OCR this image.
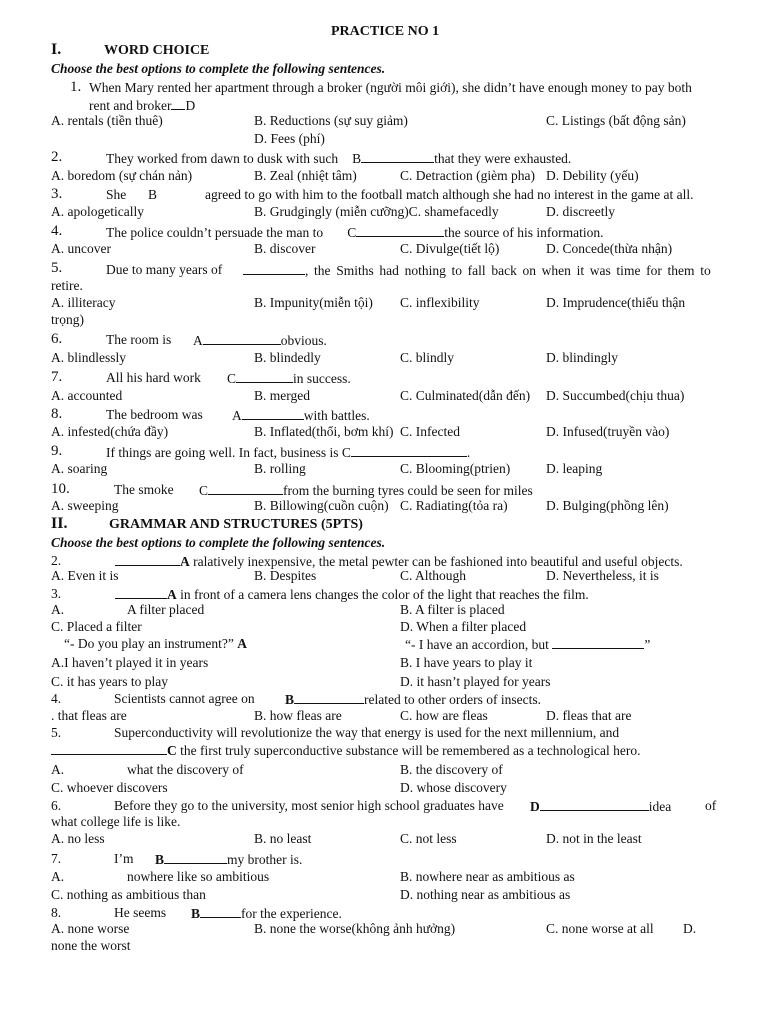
PRACTICE NO 1
I.	WORD CHOICE
Choose the best options to complete the following sentences.
1. When Mary rented her apartment through a broker (người môi giới), she didn’t have enough money to pay both
rent and broker D
A. rentals (tiền thuê)	B. Reductions (sự suy giảm)	C. Listings (bất động sản)
D. Fees (phí)
2.	They worked from dawn to dusk with such B	that they were exhausted.
A. boredom (sự chán nản)	B. Zeal (nhiệt tâm)	C. Detraction (gièm pha) D. Debility (yếu)
3.	She B	agreed to go with him to the football match although she had no interest in the game at all.
A. apologetically	B. Grudgingly (miễn cưỡng)C. shamefacedly	D. discreetly
4.	The police couldn’t persuade the man to C	the source of his information.
A. uncover	B. discover	C. Divulge(tiết lộ)	D. Concede(thừa nhận)
5.	Due to many years of	, the Smiths had nothing to fall back on when it was time for them to
retire.
A. illiteracy	B. Impunity(miễn tội) C. inflexibility	D. Imprudence(thiếu thận
trọng)
6.	The room is A	obvious.
A. blindlessly	B. blindedly	C. blindly	D. blindingly
7.	All his hard work C	in success.
A. accounted	B. merged	C. Culminated(dẫn đến) D. Succumbed(chịu thua)
8.	The bedroom was A	with battles.
A. infested(chứa đầy)	B. Inflated(thổi, bơm khí) C. Infected	D. Infused(truyền vào)
9.	If things are going well. In fact, business is C	.
A. soaring	B. rolling	C. Blooming(ptrien)	D. leaping
10.	The smoke C	from the burning tyres could be seen for miles
A. sweeping	B. Billowing(cuồn cuộn) C. Radiating(tỏa ra)	D. Bulging(phồng lên)
II.	GRAMMAR AND STRUCTURES (5PTS)
Choose the best options to complete the following sentences.
2.	A ralatively inexpensive, the metal pewter can be fashioned into beautiful and useful objects.
A. Even it is	B. Despites	C. Although	D. Nevertheless, it is
3.	A in front of a camera lens changes the color of the light that reaches the film.
A.	A filter placed	B. A filter is placed
C. Placed a filter	D. When a filter placed
“- Do you play an instrument?” A	“- I have an accordion, but	”
A.I haven’t played it in years	B. I have years to play it
C. it has years to play	D. it hasn’t played for years
4.	Scientists cannot agree on B	related to other orders of insects.
. that fleas are	B. how fleas are	C. how are fleas	D. fleas that are
5.	Superconductivity will revolutionize the way that energy is used for the next millennium, and
C the first truly superconductive substance will be remembered as a technological hero.
A.	what the discovery of	B. the discovery of
C. whoever discovers	D. whose discovery
6.	Before they go to the university, most senior high school graduates have D	idea	of
what college life is like.
A. no less	B. no least	C. not less	D. not in the least
7.	I’m B	my brother is.
A.	nowhere like so ambitious	B. nowhere near as ambitious as
C. nothing as ambitious than	D. nothing near as ambitious as
8.	He seems B	for the experience.
A. none worse	B. none the worse(không ảnh hưởng)	C. none worse at all D.
none the worst
